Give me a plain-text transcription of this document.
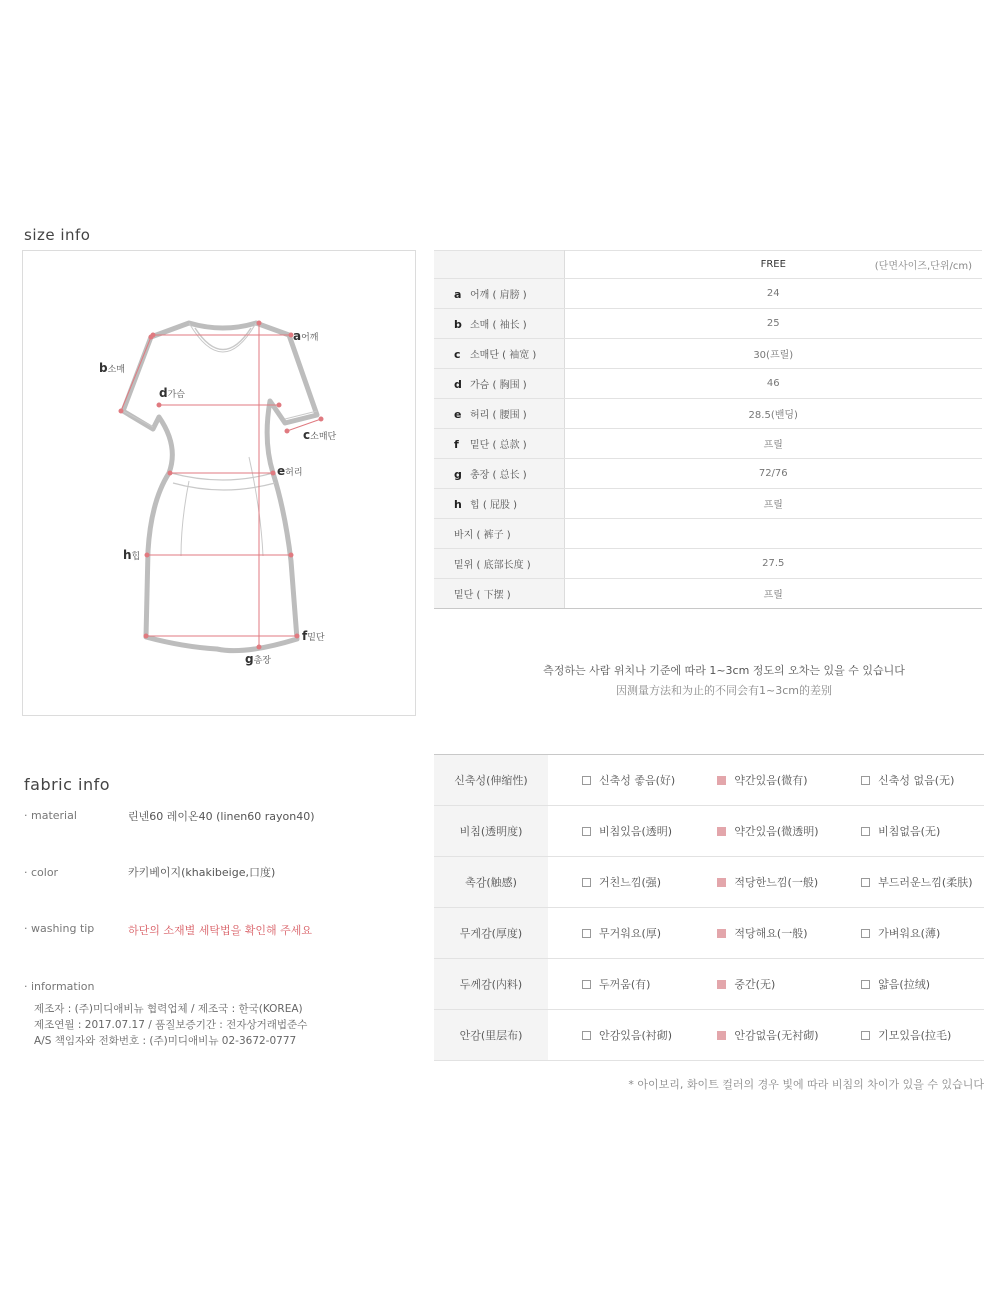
size info
a어깨
b소매
c소매단
d가슴
e허리
f밑단
g총장
h힙
	FREE (단면사이즈,단위/cm)

a 어깨 ( 肩膀 )	24
b 소매 ( 袖长 )	25
c 소매단 ( 袖宽 )	30(프릴)
d 가슴 ( 胸围 )	46
e 허리 ( 腰围 )	28.5(밴딩)
f 밑단 ( 总款 )	프릴
g 총장 ( 总长 )	72/76
h 힙 ( 屁股 )	프릴
바지 ( 裤子 )	
밑위 ( 底部长度 )	27.5
밑단 ( 下摆 )	프릴
측정하는 사람 위치나 기준에 따라 1~3cm 정도의 오차는 있을 수 있습니다
因测量方法和为止的不同会有1~3cm的差别
fabric info
· material	린넨60 레이온40 (linen60 rayon40)
· color	카키베이지(khakibeige,口度)
· washing tip	하단의 소재별 세탁법을 확인해 주세요
· information
제조자 : (주)미디애비뉴 협력업체 / 제조국 : 한국(KOREA)
제조연월 : 2017.07.17 / 품질보증기간 : 전자상거래법준수
A/S 책임자와 전화번호 : (주)미디애비뉴 02-3672-0777
신축성(伸缩性)	신축성 좋음(好)	약간있음(微有)	신축성 없음(无)
비침(透明度)	비침있음(透明)	약간있음(微透明)	비침없음(无)
촉감(触感)	거친느낌(强)	적당한느낌(一般)	부드러운느낌(柔肤)
무게감(厚度)	무거워요(厚)	적당해요(一般)	가벼워요(薄)
두께감(内料)	두꺼움(有)	중간(无)	얇음(拉绒)
안감(里层布)	안감있음(衬砌)	안감없음(无衬砌)	기모있음(拉毛)
* 아이보리, 화이트 컬러의 경우 빛에 따라 비침의 차이가 있을 수 있습니다
